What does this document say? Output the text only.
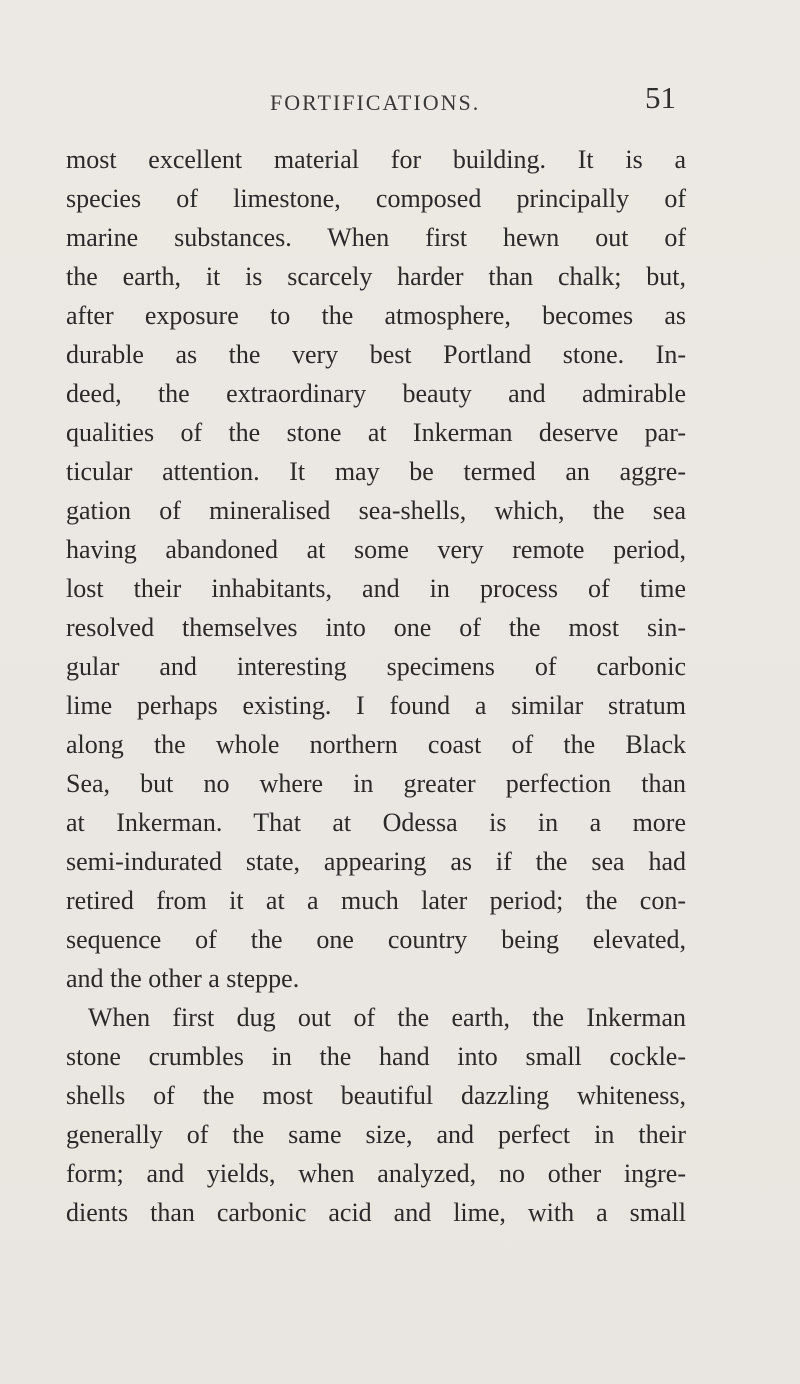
FORTIFICATIONS.	51
most excellent material for building. It is a
species of limestone, composed principally of
marine substances. When first hewn out of
the earth, it is scarcely harder than chalk; but,
after exposure to the atmosphere, becomes as
durable as the very best Portland stone. In-
deed, the extraordinary beauty and admirable
qualities of the stone at Inkerman deserve par-
ticular attention. It may be termed an aggre-
gation of mineralised sea-shells, which, the sea
having abandoned at some very remote period,
lost their inhabitants, and in process of time
resolved themselves into one of the most sin-
gular and interesting specimens of carbonic
lime perhaps existing. I found a similar stratum
along the whole northern coast of the Black
Sea, but no where in greater perfection than
at Inkerman. That at Odessa is in a more
semi-indurated state, appearing as if the sea had
retired from it at a much later period; the con-
sequence of the one country being elevated,
and the other a steppe.
When first dug out of the earth, the Inkerman
stone crumbles in the hand into small cockle-
shells of the most beautiful dazzling whiteness,
generally of the same size, and perfect in their
form; and yields, when analyzed, no other ingre-
dients than carbonic acid and lime, with a small
